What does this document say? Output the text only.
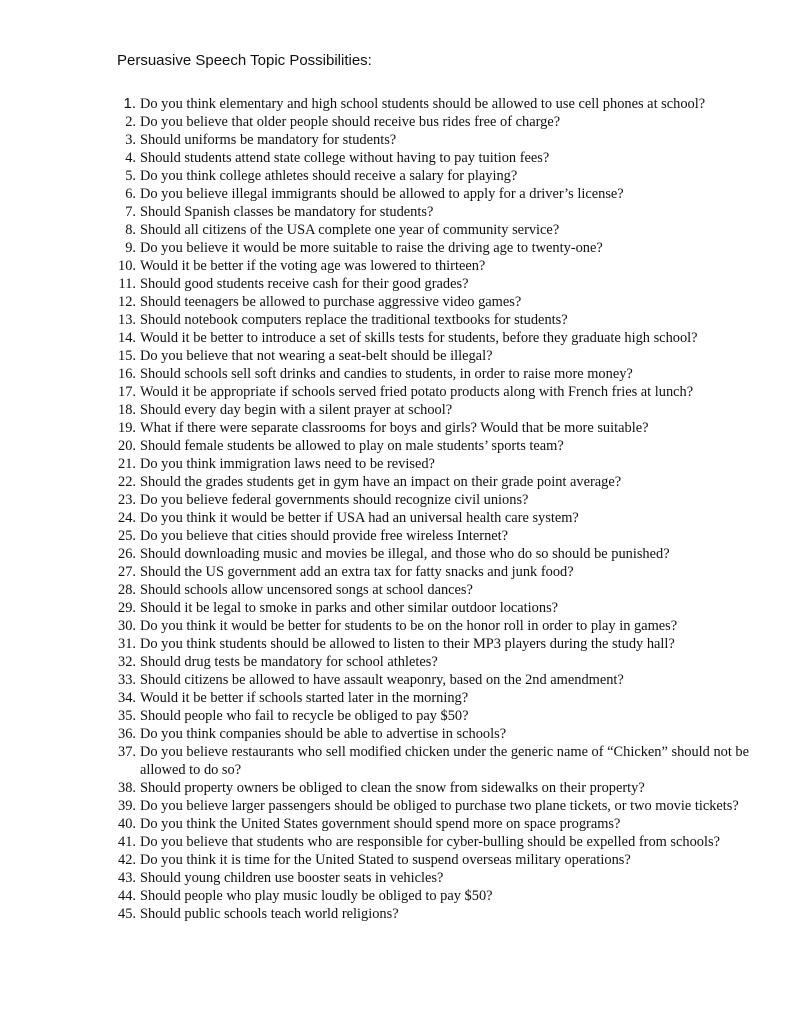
Persuasive Speech Topic Possibilities:
1. Do you think elementary and high school students should be allowed to use cell phones at school?
2. Do you believe that older people should receive bus rides free of charge?
3. Should uniforms be mandatory for students?
4. Should students attend state college without having to pay tuition fees?
5. Do you think college athletes should receive a salary for playing?
6. Do you believe illegal immigrants should be allowed to apply for a driver’s license?
7. Should Spanish classes be mandatory for students?
8. Should all citizens of the USA complete one year of community service?
9. Do you believe it would be more suitable to raise the driving age to twenty-one?
10. Would it be better if the voting age was lowered to thirteen?
11. Should good students receive cash for their good grades?
12. Should teenagers be allowed to purchase aggressive video games?
13. Should notebook computers replace the traditional textbooks for students?
14. Would it be better to introduce a set of skills tests for students, before they graduate high school?
15. Do you believe that not wearing a seat-belt should be illegal?
16. Should schools sell soft drinks and candies to students, in order to raise more money?
17. Would it be appropriate if schools served fried potato products along with French fries at lunch?
18. Should every day begin with a silent prayer at school?
19. What if there were separate classrooms for boys and girls? Would that be more suitable?
20. Should female students be allowed to play on male students’ sports team?
21. Do you think immigration laws need to be revised?
22. Should the grades students get in gym have an impact on their grade point average?
23. Do you believe federal governments should recognize civil unions?
24. Do you think it would be better if USA had an universal health care system?
25. Do you believe that cities should provide free wireless Internet?
26. Should downloading music and movies be illegal, and those who do so should be punished?
27. Should the US government add an extra tax for fatty snacks and junk food?
28. Should schools allow uncensored songs at school dances?
29. Should it be legal to smoke in parks and other similar outdoor locations?
30. Do you think it would be better for students to be on the honor roll in order to play in games?
31. Do you think students should be allowed to listen to their MP3 players during the study hall?
32. Should drug tests be mandatory for school athletes?
33. Should citizens be allowed to have assault weaponry, based on the 2nd amendment?
34. Would it be better if schools started later in the morning?
35. Should people who fail to recycle be obliged to pay $50?
36. Do you think companies should be able to advertise in schools?
37. Do you believe restaurants who sell modified chicken under the generic name of “Chicken” should not be allowed to do so?
38. Should property owners be obliged to clean the snow from sidewalks on their property?
39. Do you believe larger passengers should be obliged to purchase two plane tickets, or two movie tickets?
40. Do you think the United States government should spend more on space programs?
41. Do you believe that students who are responsible for cyber-bulling should be expelled from schools?
42. Do you think it is time for the United Stated to suspend overseas military operations?
43. Should young children use booster seats in vehicles?
44. Should people who play music loudly be obliged to pay $50?
45. Should public schools teach world religions?
